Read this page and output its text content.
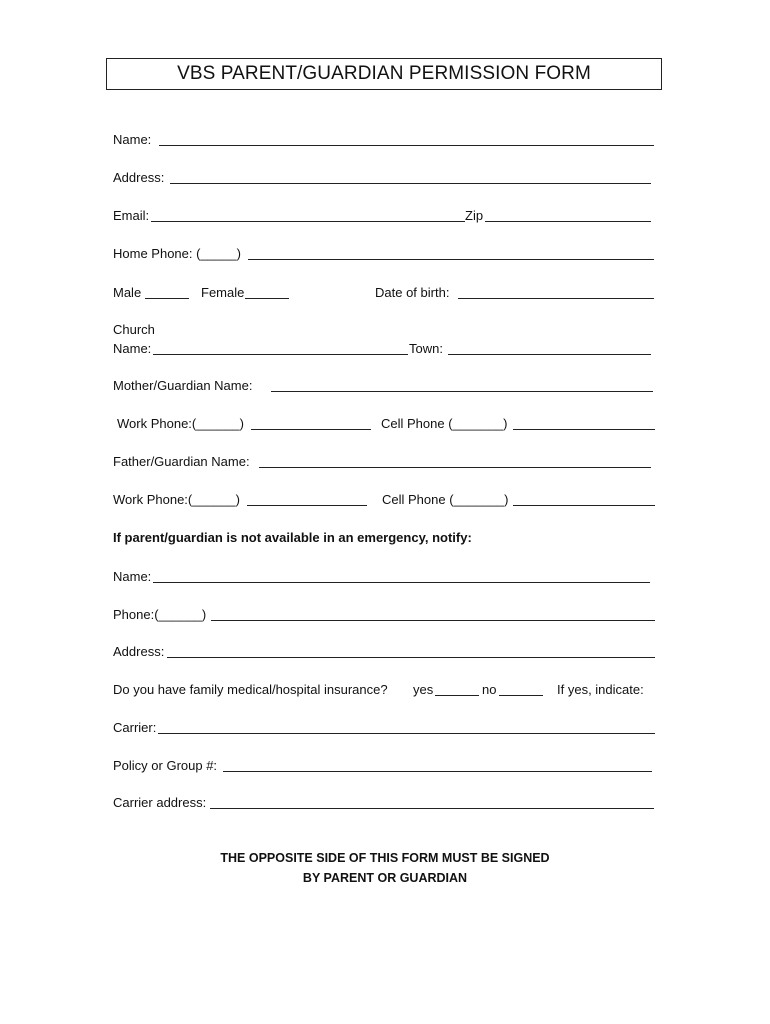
VBS PARENT/GUARDIAN PERMISSION FORM
Name:
Address:
Email:	Zip
Home Phone: (_____)
Male	Female	Date of birth:
Church
Name:	Town:
Mother/Guardian Name:
Work Phone:(______)	Cell Phone (_______)
Father/Guardian Name:
Work Phone:(______)	Cell Phone (_______)
If parent/guardian is not available in an emergency, notify:
Name:
Phone:(______)
Address:
Do you have family medical/hospital insurance? yes	no	If yes, indicate:
Carrier:
Policy or Group #:
Carrier address:
THE OPPOSITE SIDE OF THIS FORM MUST BE SIGNED
BY PARENT OR GUARDIAN
